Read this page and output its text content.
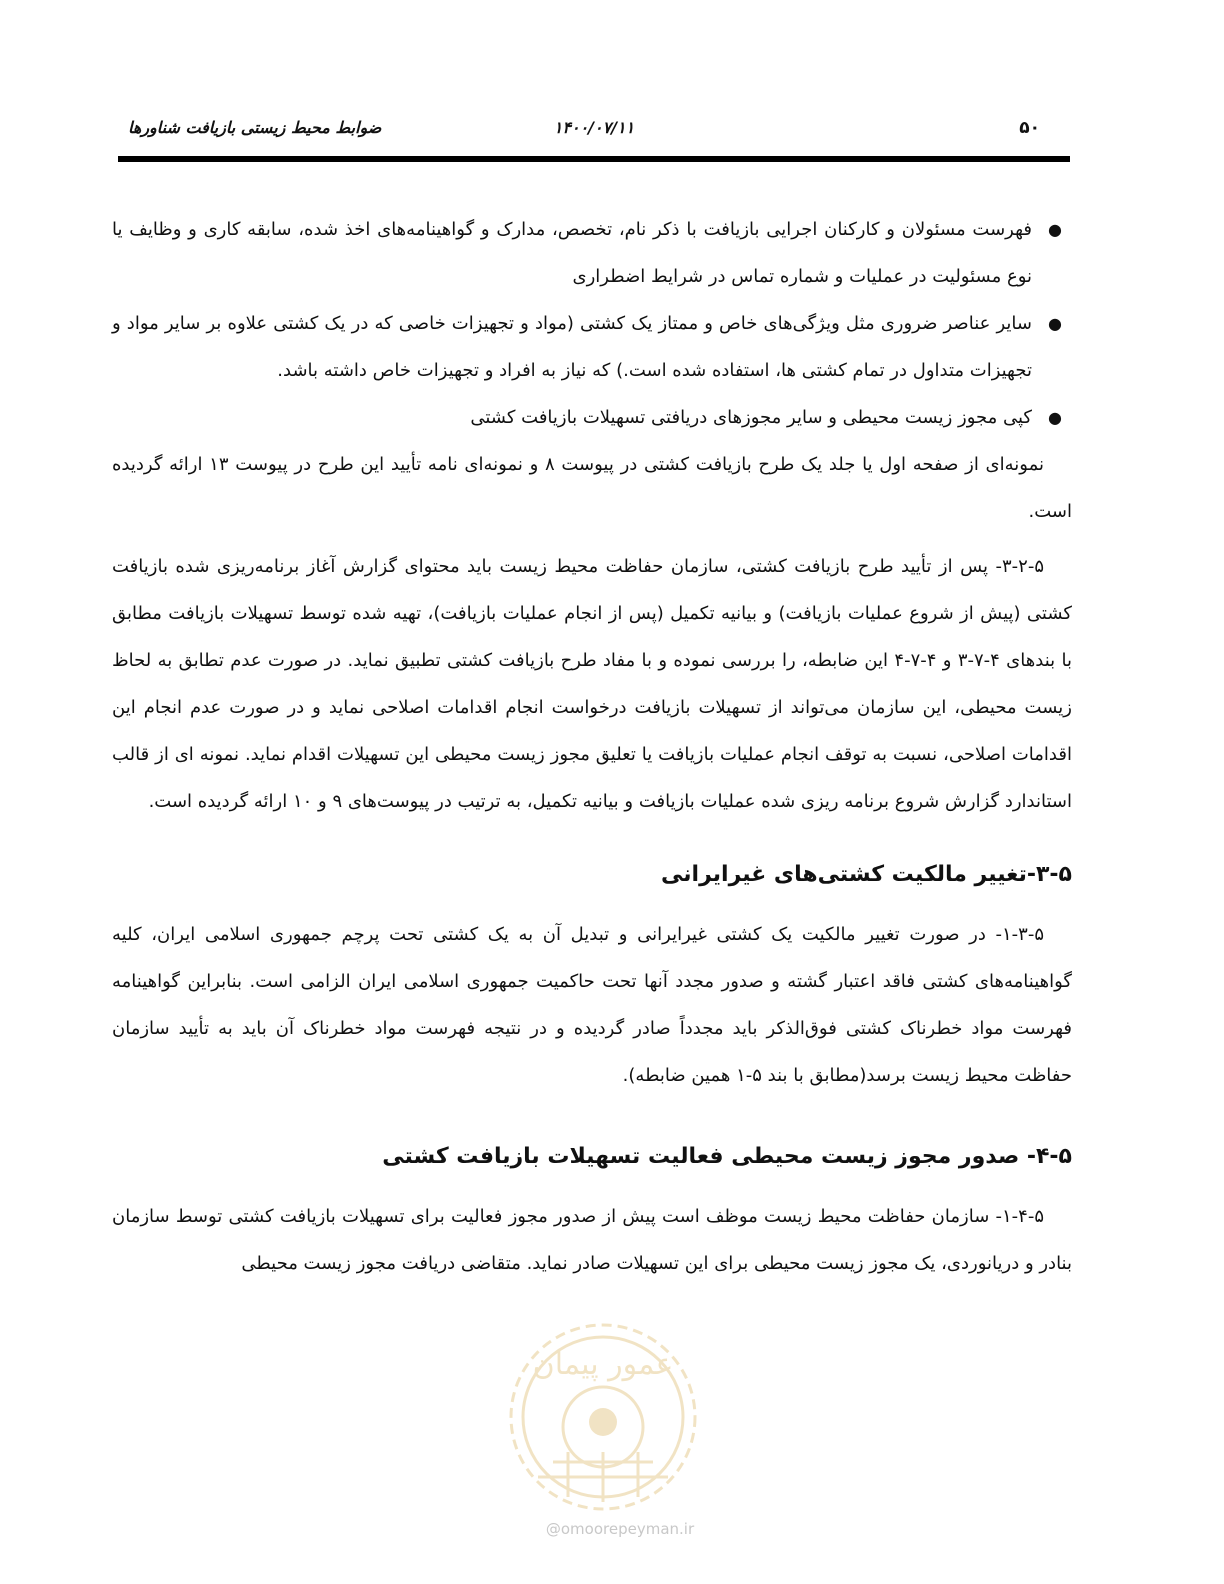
۵۰
۱۴۰۰/۰۷/۱۱
ضوابط محیط زیستی بازیافت شناورها
●
فهرست مسئولان و کارکنان اجرایی بازیافت با ذکر نام، تخصص، مدارک و گواهینامه‌های اخذ شده، سابقه کاری و وظایف یا نوع مسئولیت در عملیات و شماره تماس در شرایط اضطراری
●
سایر عناصر ضروری مثل ویژگی‌های خاص و ممتاز یک کشتی (مواد و تجهیزات خاصی که در یک کشتی علاوه بر سایر مواد و تجهیزات متداول در تمام کشتی ها، استفاده شده است.) که نیاز به افراد و تجهیزات خاص داشته باشد.
●
کپی مجوز زیست محیطی و سایر مجوزهای دریافتی تسهیلات بازیافت کشتی

نمونه‌ای از صفحه اول یا جلد یک طرح بازیافت کشتی در پیوست ۸ و نمونه‌ای نامه تأیید این طرح در پیوست ۱۳ ارائه گردیده است.

۳-۲-۵- پس از تأیید طرح بازیافت کشتی، سازمان حفاظت محیط زیست باید محتوای گزارش آغاز برنامه‌ریزی شده بازیافت کشتی (پیش از شروع عملیات بازیافت) و بیانیه تکمیل (پس از انجام عملیات بازیافت)، تهیه شده توسط تسهیلات بازیافت مطابق با بندهای ۴-۷-۳ و ۴-۷-۴ این ضابطه، را بررسی نموده و با مفاد طرح بازیافت کشتی تطبیق نماید. در صورت عدم تطابق به لحاظ زیست محیطی، این سازمان می‌تواند از تسهیلات بازیافت درخواست انجام اقدامات اصلاحی نماید و در صورت عدم انجام این اقدامات اصلاحی، نسبت به توقف انجام عملیات بازیافت یا تعلیق مجوز زیست محیطی این تسهیلات اقدام نماید. نمونه ای از قالب استاندارد گزارش شروع برنامه ریزی شده عملیات بازیافت و بیانیه تکمیل، به ترتیب در پیوست‌های ۹ و ۱۰ ارائه گردیده است.

۳-۵-تغییر مالکیت کشتی‌های غیرایرانی

۱-۳-۵- در صورت تغییر مالکیت یک کشتی غیرایرانی و تبدیل آن به یک کشتی تحت پرچم جمهوری اسلامی ایران، کلیه گواهینامه‌های کشتی فاقد اعتبار گشته و صدور مجدد آنها تحت حاکمیت جمهوری اسلامی ایران الزامی است. بنابراین گواهینامه فهرست مواد خطرناک کشتی فوق‌الذکر باید مجدداً صادر گردیده و در نتیجه فهرست مواد خطرناک آن باید به تأیید سازمان حفاظت محیط زیست برسد(مطابق با بند ۵-۱ همین ضابطه).

۴-۵- صدور مجوز زیست محیطی فعالیت تسهیلات بازیافت کشتی

۱-۴-۵- سازمان حفاظت محیط زیست موظف است پیش از صدور مجوز فعالیت برای تسهیلات بازیافت کشتی توسط سازمان بنادر و دریانوردی، یک مجوز زیست محیطی برای این تسهیلات صادر نماید. متقاضی دریافت مجوز زیست محیطی

عمور پیمان
@omoorepeyman.ir
